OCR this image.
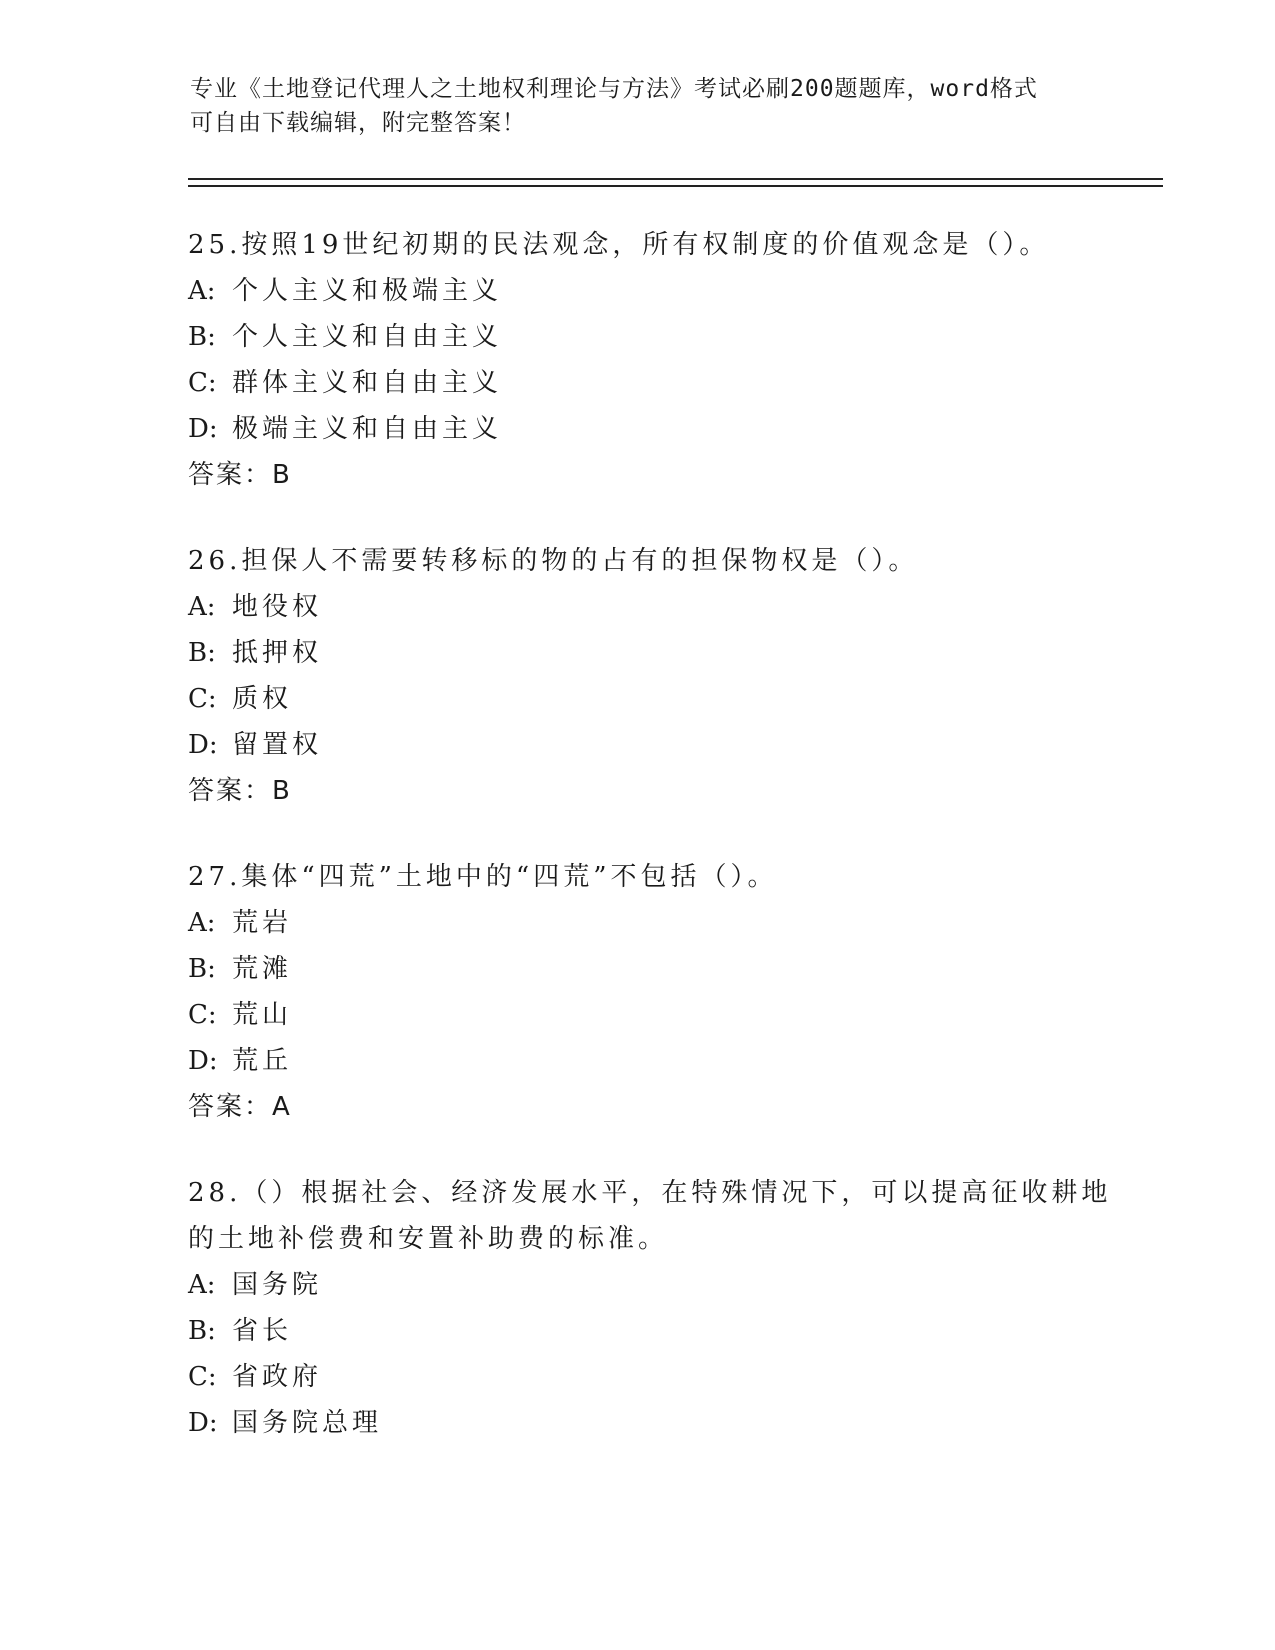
专业《土地登记代理人之土地权利理论与方法》考试必刷200题题库，word格式
可自由下载编辑，附完整答案！
25.按照19世纪初期的民法观念，所有权制度的价值观念是（）。
A: 个人主义和极端主义
B: 个人主义和自由主义
C: 群体主义和自由主义
D: 极端主义和自由主义
答案：B
26.担保人不需要转移标的物的占有的担保物权是（）。
A: 地役权
B: 抵押权
C: 质权
D: 留置权
答案：B
27.集体“四荒”土地中的“四荒”不包括（）。
A: 荒岩
B: 荒滩
C: 荒山
D: 荒丘
答案：A
28.（）根据社会、经济发展水平，在特殊情况下，可以提高征收耕地
的土地补偿费和安置补助费的标准。
A: 国务院
B: 省长
C: 省政府
D: 国务院总理
